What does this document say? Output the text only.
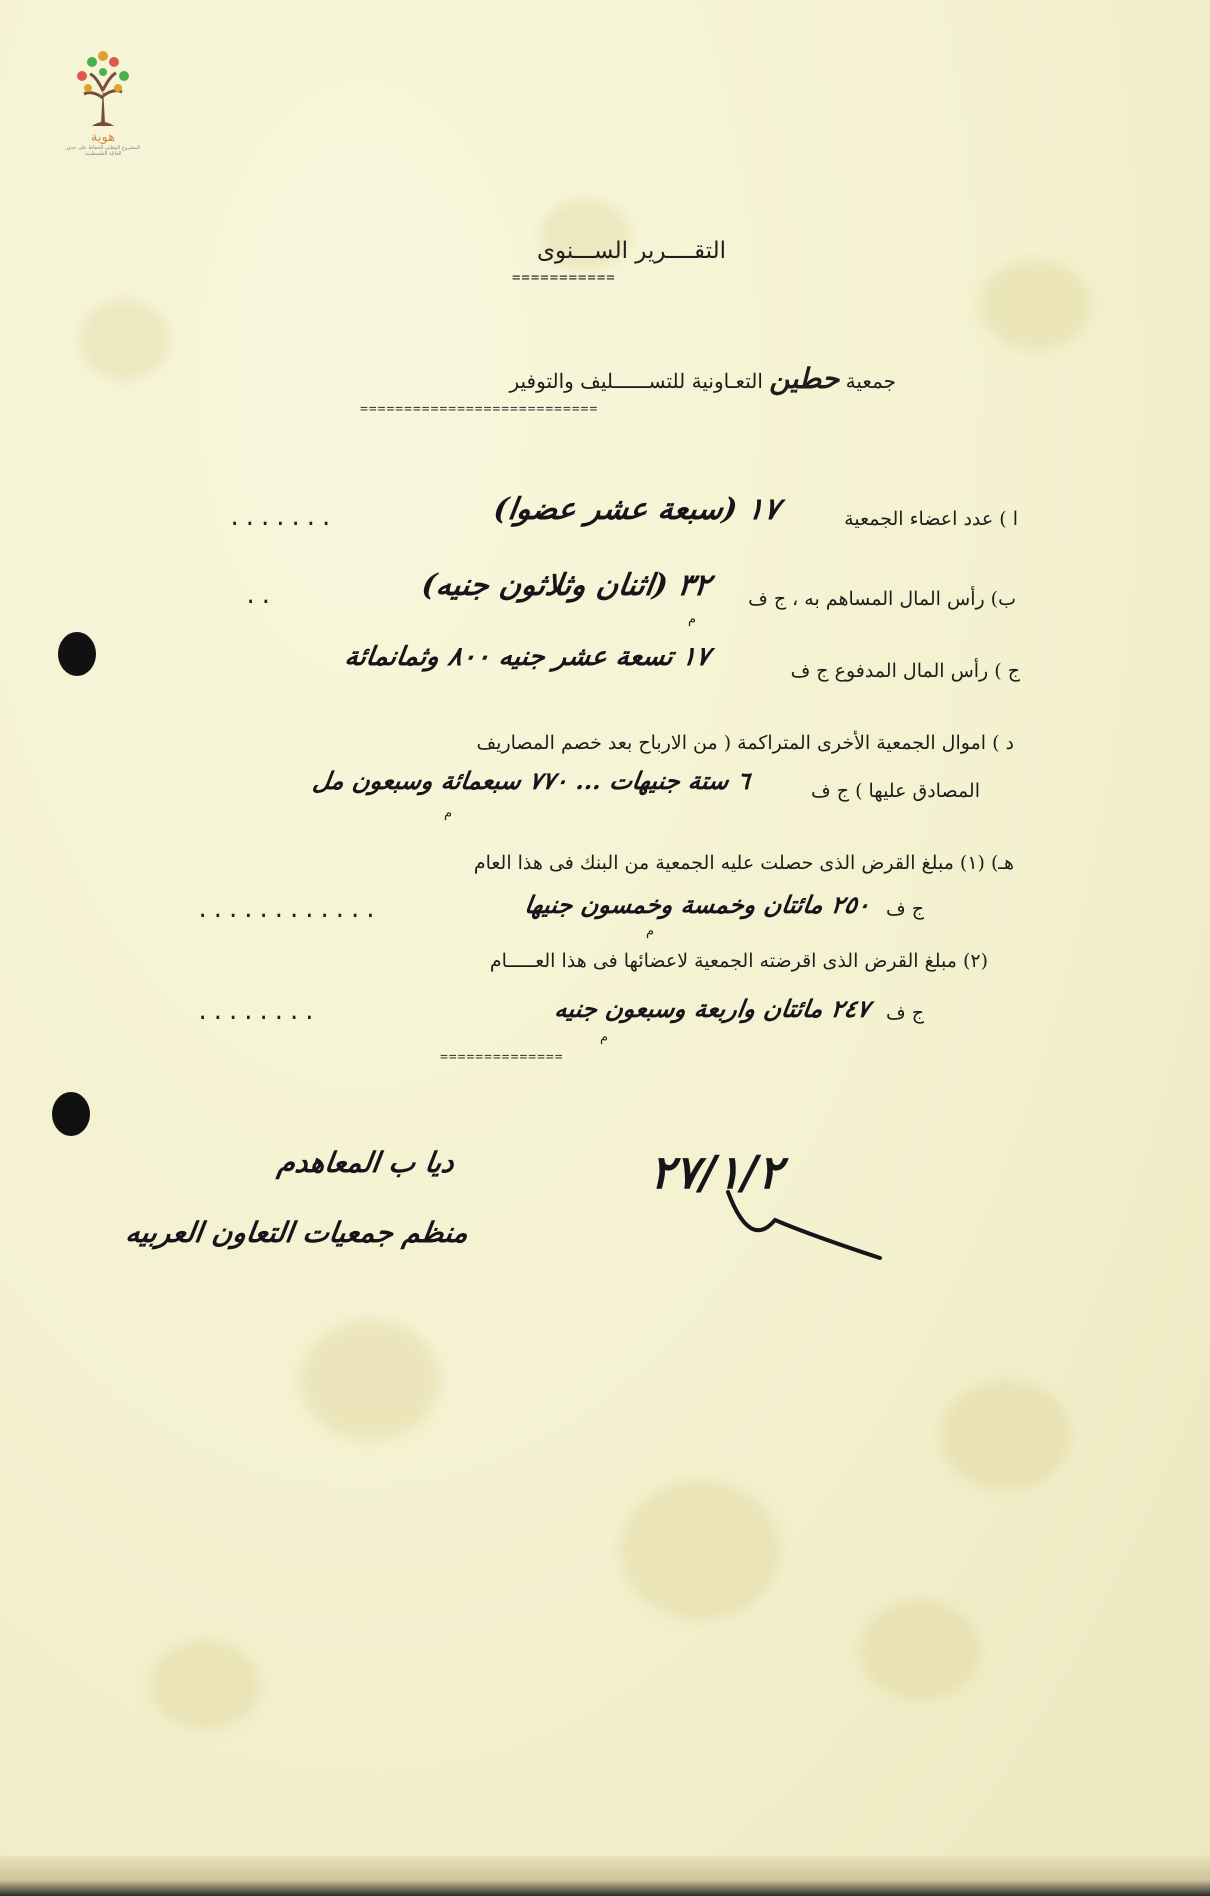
هوية
المشروع الوطني للحفاظ على جذور العائلة الفلسطينية
التقــــرير الســـنوى
===========
جمعية حطين التعـاونية للتســــــليف والتوفير
===========================
ا ) عدد اعضاء الجمعية
١٧ (سبعة عشر عضوا)
.......
ب) رأس المال المساهم به ، ج ف
٣٢ (اثنان وثلاثون جنيه)
م
..
ج ) رأس المال المدفوع ج ف
١٧ تسعة عشر جنيه ٨٠٠ وثمانمائة
د ) اموال الجمعية الأخرى المتراكمة ( من الارباح بعد خصم المصاريف
المصادق عليها ) ج ف
٦ ستة جنيهات ... ٧٧٠ سبعمائة وسبعون مل
م
هـ) (١) مبلغ القرض الذى حصلت عليه الجمعية من البنك فى هذا العام
ج ف
٢٥٠ مائتان وخمسة وخمسون جنيها
م
............
(٢) مبلغ القرض الذى اقرضته الجمعية لاعضائها فى هذا العـــــام
ج ف
٢٤٧ مائتان واربعة وسبعون جنيه
م
........
==============
ديا ب المعاهدم
منظم جمعيات التعاون العربيه
٢٧/١/٢
